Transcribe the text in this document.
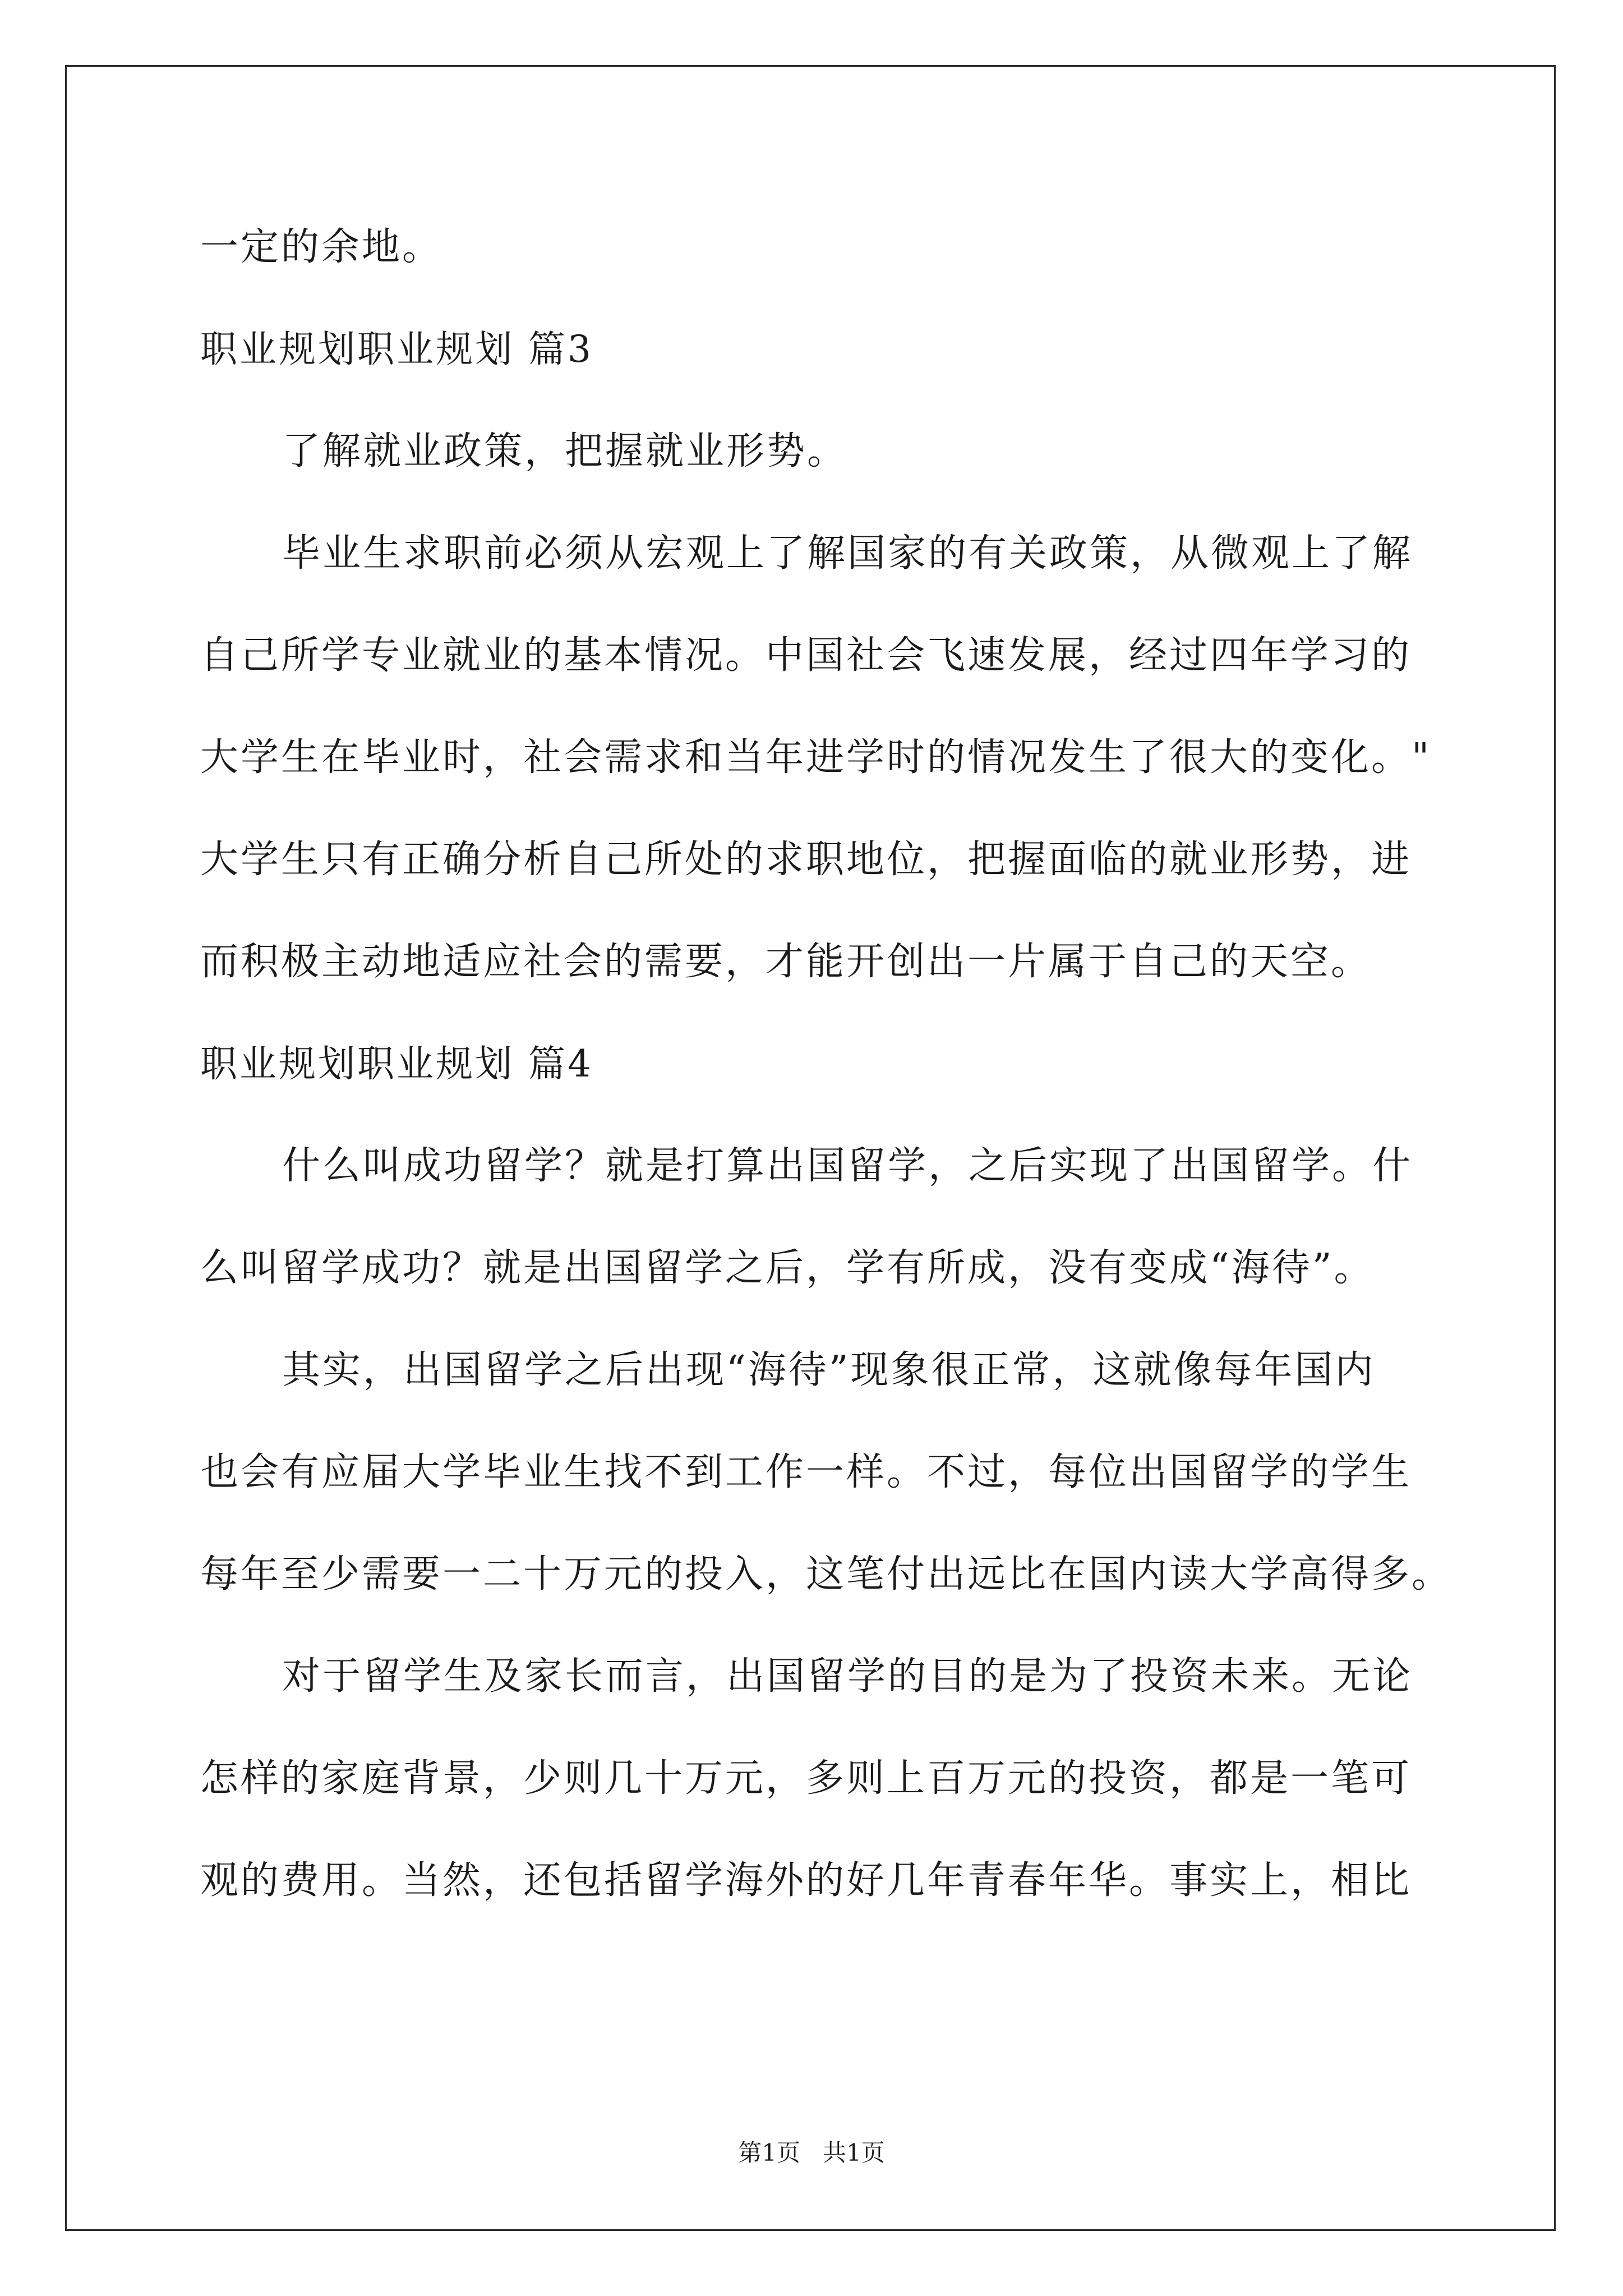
一定的余地。
职业规划职业规划 篇3
了解就业政策，把握就业形势。
毕业生求职前必须从宏观上了解国家的有关政策，从微观上了解
自己所学专业就业的基本情况。中国社会飞速发展，经过四年学习的
大学生在毕业时，社会需求和当年进学时的情况发生了很大的变化。"
大学生只有正确分析自己所处的求职地位，把握面临的就业形势，进
而积极主动地适应社会的需要，才能开创出一片属于自己的天空。
职业规划职业规划 篇4
什么叫成功留学？就是打算出国留学，之后实现了出国留学。什
么叫留学成功？就是出国留学之后，学有所成，没有变成“海待”。
其实，出国留学之后出现“海待”现象很正常，这就像每年国内
也会有应届大学毕业生找不到工作一样。不过，每位出国留学的学生
每年至少需要一二十万元的投入，这笔付出远比在国内读大学高得多。
对于留学生及家长而言，出国留学的目的是为了投资未来。无论
怎样的家庭背景，少则几十万元，多则上百万元的投资，都是一笔可
观的费用。当然，还包括留学海外的好几年青春年华。事实上，相比
第1页   共1页
